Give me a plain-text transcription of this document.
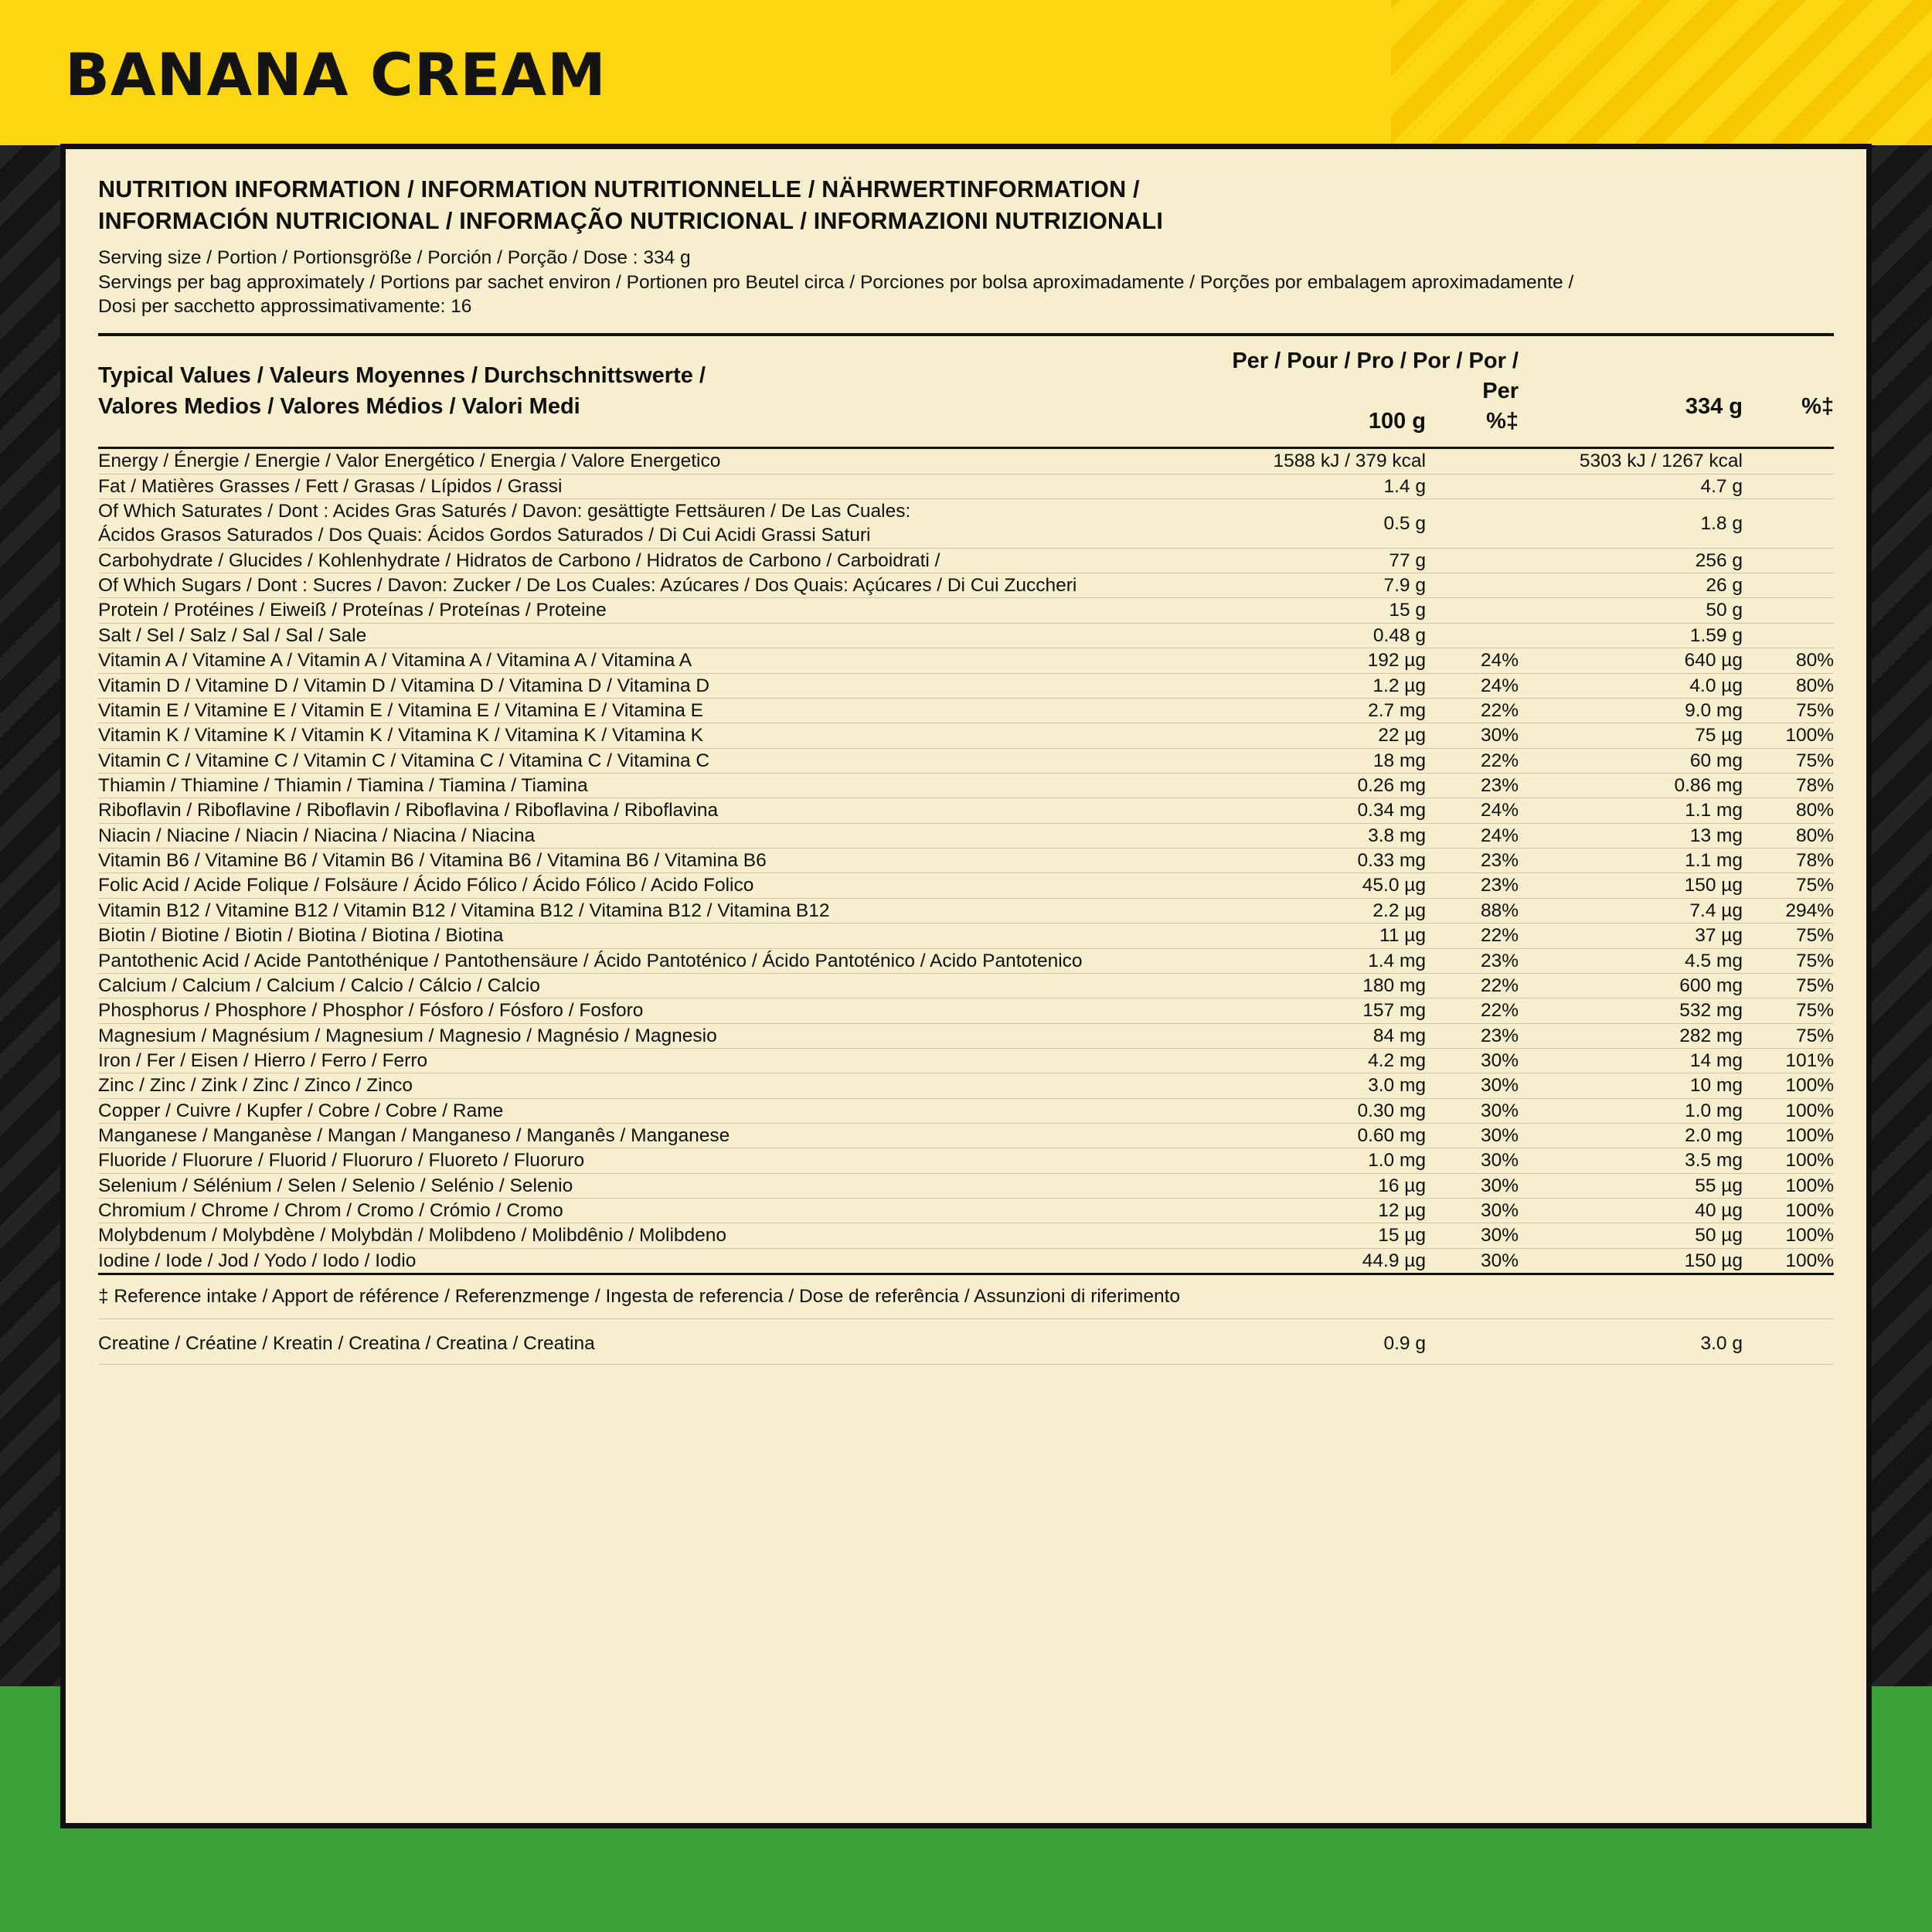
BANANA CREAM
NUTRITION INFORMATION / INFORMATION NUTRITIONNELLE / NÄHRWERTINFORMATION /
INFORMACIÓN NUTRICIONAL / INFORMAÇÃO NUTRICIONAL / INFORMAZIONI NUTRIZIONALI
Serving size / Portion / Portionsgröße / Porción / Porção / Dose : 334 g
Servings per bag approximately / Portions par sachet environ / Portionen pro Beutel circa / Porciones por bolsa aproximadamente / Porções por embalagem aproximadamente /
Dosi per sacchetto approssimativamente: 16
Typical Values / Valeurs Moyennes / Durchschnittswerte /
Valores Medios / Valores Médios / Valori Medi

Per / Pour / Pro / Por / Por / Per
100 g	%‡

334 g	%‡

Energy / Énergie / Energie / Valor Energético / Energia / Valore Energetico	1588 kJ / 379 kcal		5303 kJ / 1267 kcal	

Fat / Matières Grasses / Fett / Grasas / Lípidos / Grassi	1.4 g		4.7 g	

Of Which Saturates / Dont : Acides Gras Saturés / Davon: gesättigte Fettsäuren / De Las Cuales:
Ácidos Grasos Saturados / Dos Quais: Ácidos Gordos Saturados / Di Cui Acidi Grassi Saturi	0.5 g		1.8 g	

Carbohydrate / Glucides / Kohlenhydrate / Hidratos de Carbono / Hidratos de Carbono / Carboidrati /	77 g		256 g	

Of Which Sugars / Dont : Sucres / Davon: Zucker / De Los Cuales: Azúcares / Dos Quais: Açúcares / Di Cui Zuccheri	7.9 g		26 g	

Protein / Protéines / Eiweiß / Proteínas / Proteínas / Proteine	15 g		50 g	

Salt / Sel / Salz / Sal / Sal / Sale	0.48 g		1.59 g	

Vitamin A / Vitamine A / Vitamin A / Vitamina A / Vitamina A / Vitamina A	192 µg	24%	640 µg	80%

Vitamin D / Vitamine D / Vitamin D / Vitamina D / Vitamina D / Vitamina D	1.2 µg	24%	4.0 µg	80%

Vitamin E / Vitamine E / Vitamin E / Vitamina E / Vitamina E / Vitamina E	2.7 mg	22%	9.0 mg	75%

Vitamin K / Vitamine K / Vitamin K / Vitamina K / Vitamina K / Vitamina K	22 µg	30%	75 µg	100%

Vitamin C / Vitamine C / Vitamin C / Vitamina C / Vitamina C / Vitamina C	18 mg	22%	60 mg	75%

Thiamin / Thiamine / Thiamin / Tiamina / Tiamina / Tiamina	0.26 mg	23%	0.86 mg	78%

Riboflavin / Riboflavine / Riboflavin / Riboflavina / Riboflavina / Riboflavina	0.34 mg	24%	1.1 mg	80%

Niacin / Niacine / Niacin / Niacina / Niacina / Niacina	3.8 mg	24%	13 mg	80%

Vitamin B6 / Vitamine B6 / Vitamin B6 / Vitamina B6 / Vitamina B6 / Vitamina B6	0.33 mg	23%	1.1 mg	78%

Folic Acid / Acide Folique / Folsäure / Ácido Fólico / Ácido Fólico / Acido Folico	45.0 µg	23%	150 µg	75%

Vitamin B12 / Vitamine B12 / Vitamin B12 / Vitamina B12 / Vitamina B12 / Vitamina B12	2.2 µg	88%	7.4 µg	294%

Biotin / Biotine / Biotin / Biotina / Biotina / Biotina	11 µg	22%	37 µg	75%

Pantothenic Acid / Acide Pantothénique / Pantothensäure / Ácido Pantoténico / Ácido Pantoténico / Acido Pantotenico	1.4 mg	23%	4.5 mg	75%

Calcium / Calcium / Calcium / Calcio / Cálcio / Calcio	180 mg	22%	600 mg	75%

Phosphorus / Phosphore / Phosphor / Fósforo / Fósforo / Fosforo	157 mg	22%	532 mg	75%

Magnesium / Magnésium / Magnesium / Magnesio / Magnésio / Magnesio	84 mg	23%	282 mg	75%

Iron / Fer / Eisen / Hierro / Ferro / Ferro	4.2 mg	30%	14 mg	101%

Zinc / Zinc / Zink / Zinc / Zinco / Zinco	3.0 mg	30%	10 mg	100%

Copper / Cuivre / Kupfer / Cobre / Cobre / Rame	0.30 mg	30%	1.0 mg	100%

Manganese / Manganèse / Mangan / Manganeso / Manganês / Manganese	0.60 mg	30%	2.0 mg	100%

Fluoride / Fluorure / Fluorid / Fluoruro / Fluoreto / Fluoruro	1.0 mg	30%	3.5 mg	100%

Selenium / Sélénium / Selen / Selenio / Selénio / Selenio	16 µg	30%	55 µg	100%

Chromium / Chrome / Chrom / Cromo / Crómio / Cromo	12 µg	30%	40 µg	100%

Molybdenum / Molybdène / Molybdän / Molibdeno / Molibdênio / Molibdeno	15 µg	30%	50 µg	100%

Iodine / Iode / Jod / Yodo / Iodo / Iodio	44.9 µg	30%	150 µg	100%
‡ Reference intake / Apport de référence / Referenzmenge / Ingesta de referencia / Dose de referência / Assunzioni di riferimento
Creatine / Créatine / Kreatin / Creatina / Creatina / Creatina	0.9 g		3.0 g	
